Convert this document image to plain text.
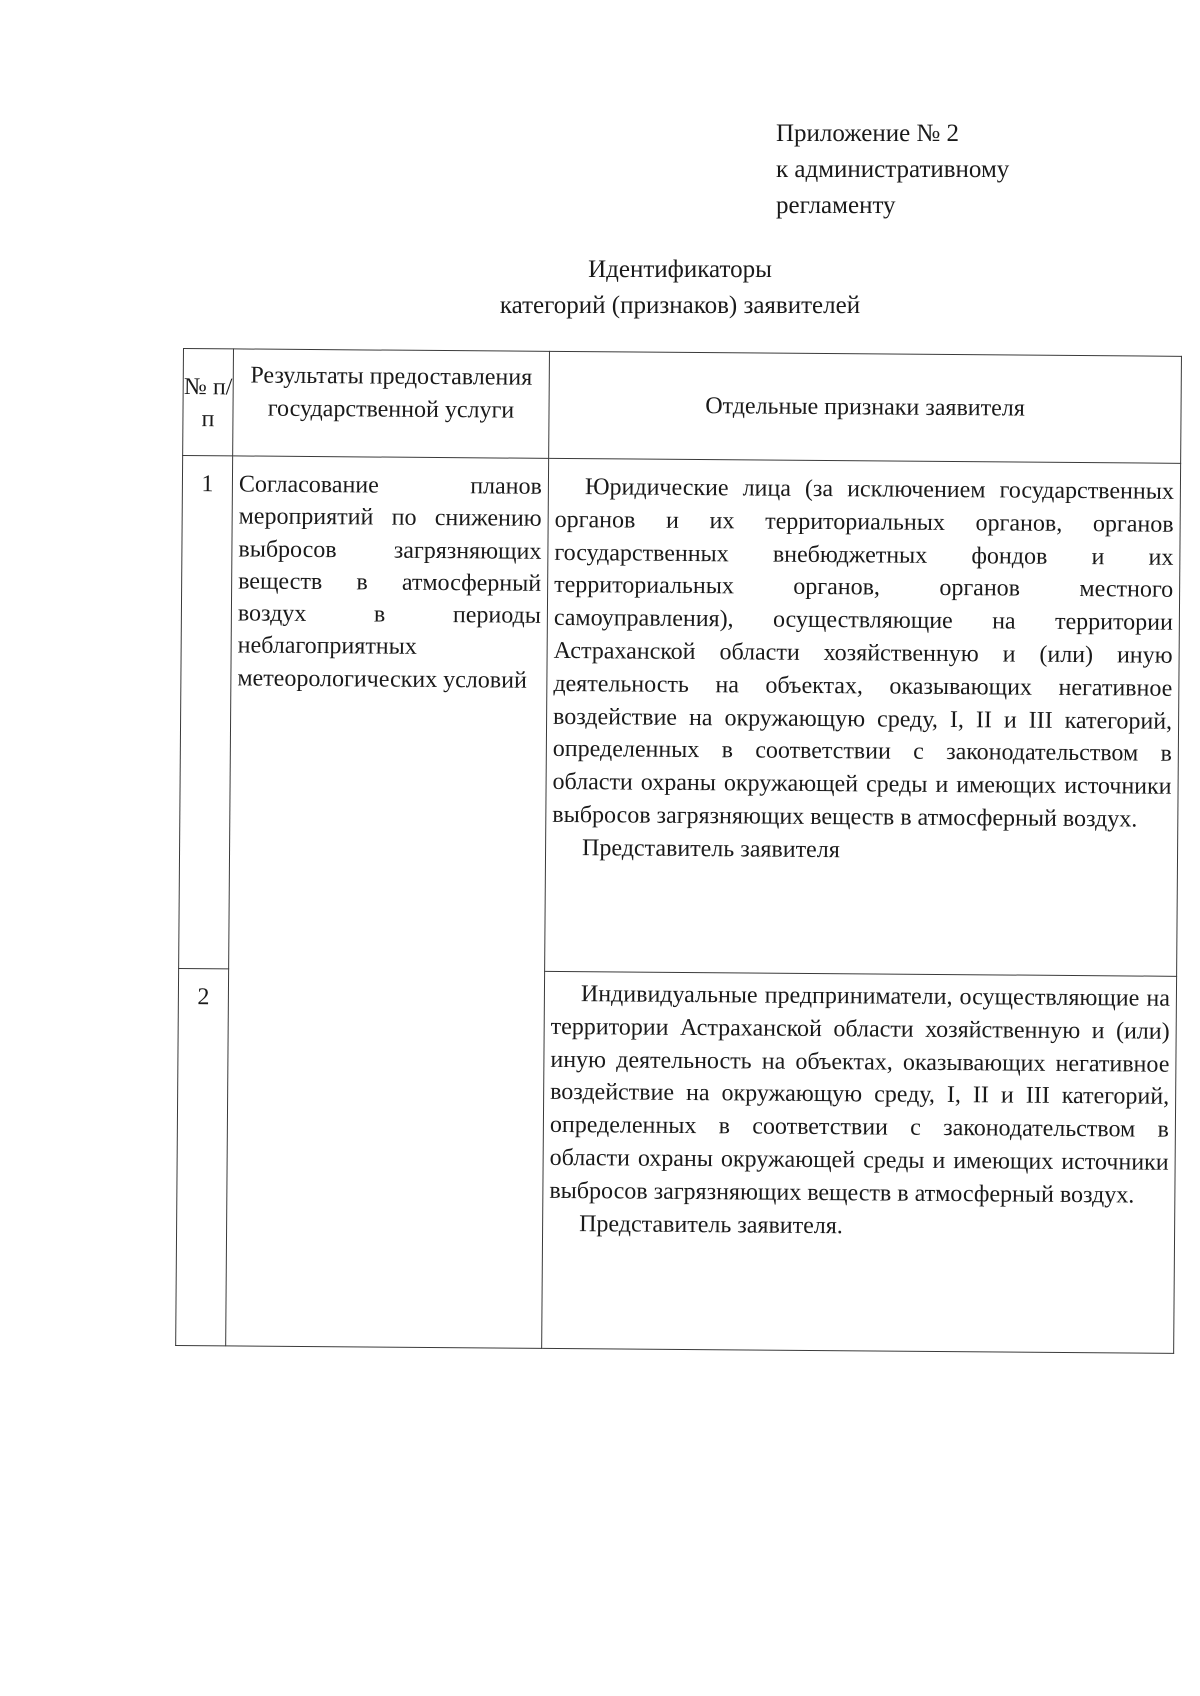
Приложение № 2
к административному
регламенту
Идентификаторы
категорий (признаков) заявителей
№ п/п	Результаты предоставления государственной услуги	Отдельные признаки заявителя
1	Согласование планов мероприятий по снижению выбросов загрязняющих веществ в атмосферный воздух в периоды неблагоприятных метеорологических условий	Юридические лица (за исключением государственных органов и их территориальных органов, органов государственных внебюджетных фондов и их территориальных органов, органов местного самоуправления), осуществляющие на территории Астраханской области хозяйственную и (или) иную деятельность на объектах, оказывающих негативное воздействие на окружающую среду, I, II и III категорий, определенных в соответствии с законодательством в области охраны окружающей среды и имеющих источники выбросов загрязняющих веществ в атмосферный воздух.
Представитель заявителя

2		Индивидуальные предприниматели, осуществляющие на территории Астраханской области хозяйственную и (или) иную деятельность на объектах, оказывающих негативное воздействие на окружающую среду, I, II и III категорий, определенных в соответствии с законодательством в области охраны окружающей среды и имеющих источники выбросов загрязняющих веществ в атмосферный воздух.
Представитель заявителя.
